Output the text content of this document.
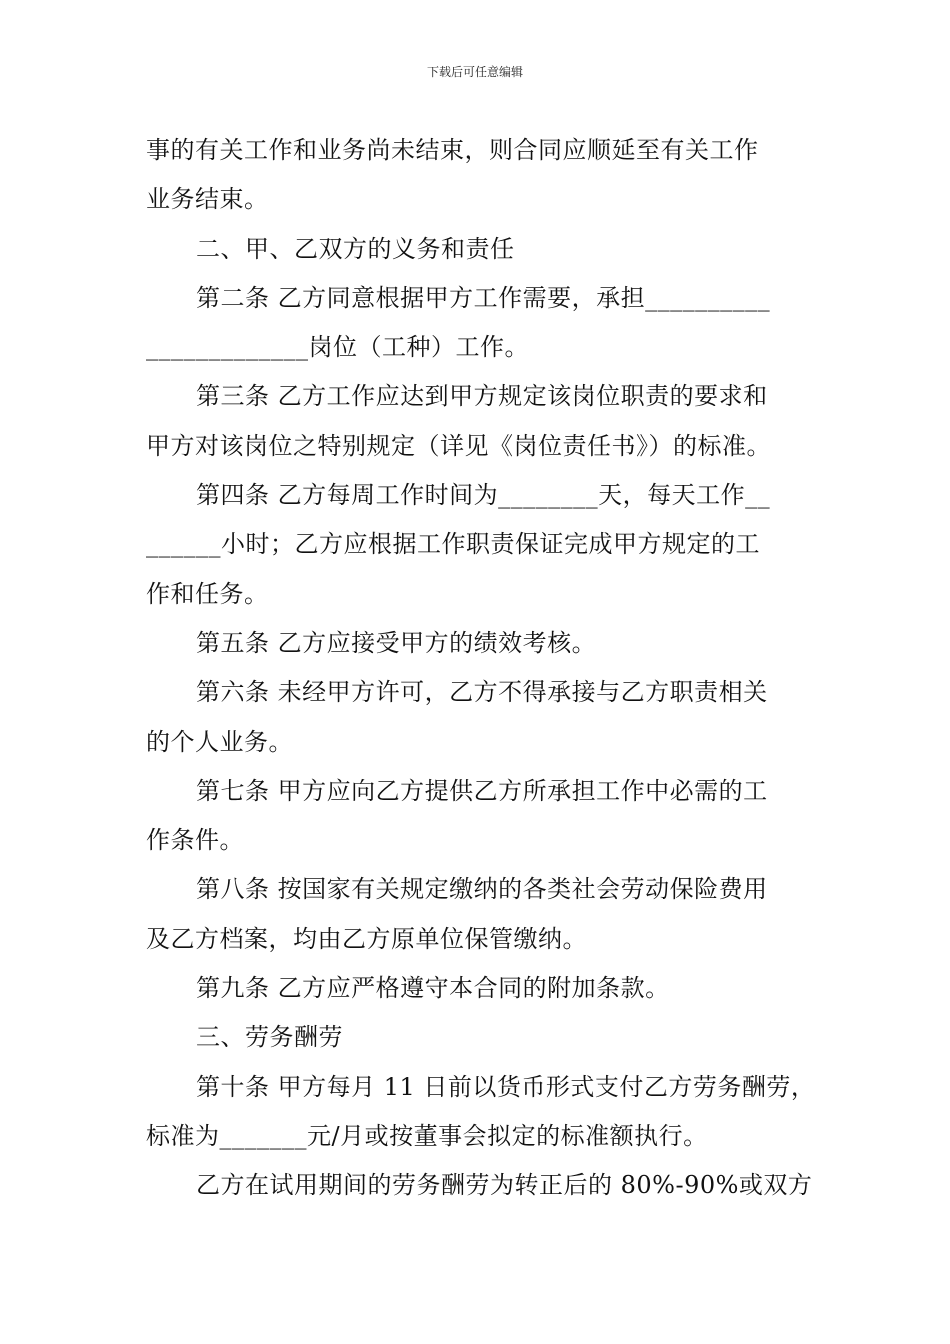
下载后可任意编辑
事的有关工作和业务尚未结束，则合同应顺延至有关工作
业务结束。
二、甲、乙双方的义务和责任
第二条 乙方同意根据甲方工作需要，承担__________
_____________岗位（工种）工作。
第三条 乙方工作应达到甲方规定该岗位职责的要求和
甲方对该岗位之特别规定（详见《岗位责任书》）的标准。
第四条 乙方每周工作时间为________天，每天工作__
______小时；乙方应根据工作职责保证完成甲方规定的工
作和任务。
第五条 乙方应接受甲方的绩效考核。
第六条 未经甲方许可，乙方不得承接与乙方职责相关
的个人业务。
第七条 甲方应向乙方提供乙方所承担工作中必需的工
作条件。
第八条 按国家有关规定缴纳的各类社会劳动保险费用
及乙方档案，均由乙方原单位保管缴纳。
第九条 乙方应严格遵守本合同的附加条款。
三、劳务酬劳
第十条 甲方每月 11 日前以货币形式支付乙方劳务酬劳，
标准为_______元/月或按董事会拟定的标准额执行。
乙方在试用期间的劳务酬劳为转正后的 80%-90%或双方
